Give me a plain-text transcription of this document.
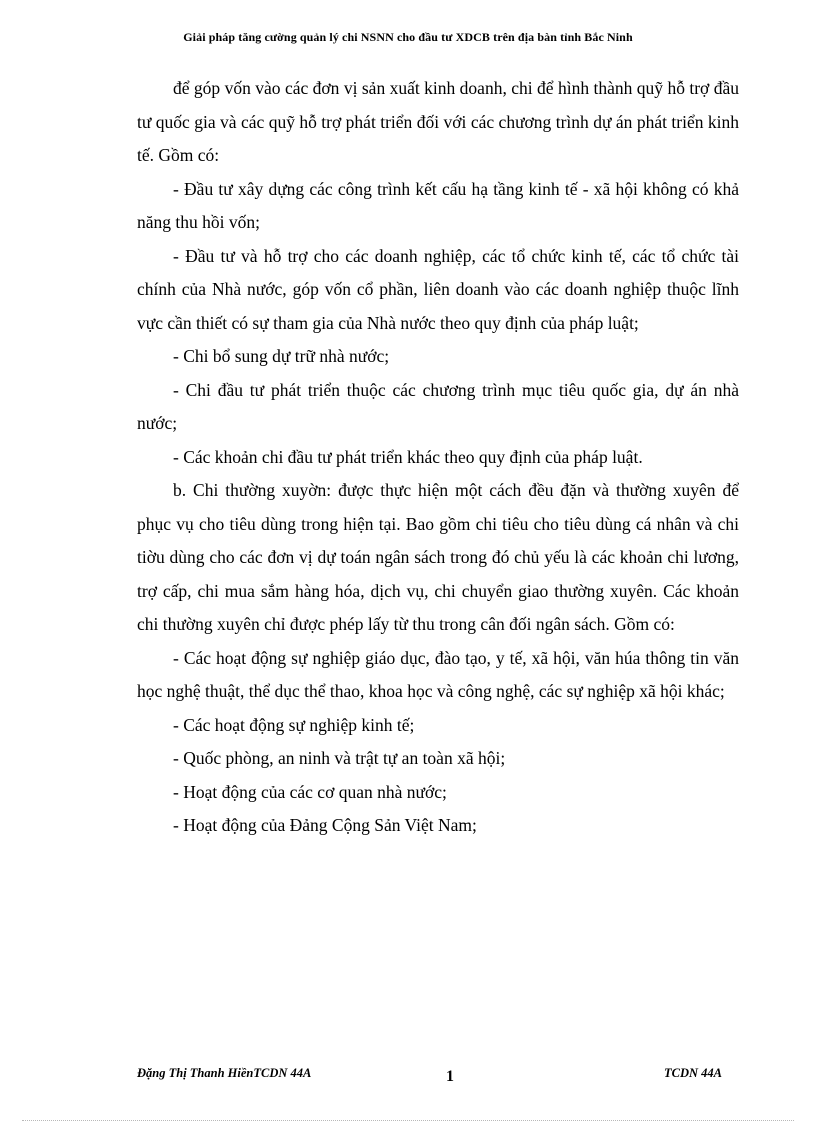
Giải pháp tăng cường quản lý chi NSNN cho đầu tư XDCB trên địa bàn tỉnh Bắc Ninh

để góp vốn vào các đơn vị sản xuất kinh doanh, chi để hình thành quỹ hỗ trợ đầu tư quốc gia và các quỹ hỗ trợ phát triển đối với các chương trình dự án phát triển kinh tế. Gồm có:

- Đầu tư xây dựng các công trình kết cấu hạ tầng kinh tế - xã hội không có khả năng thu hồi vốn;

- Đầu tư và hỗ trợ cho các doanh nghiệp, các tổ chức kinh tế, các tổ chức tài chính của Nhà nước, góp vốn cổ phần, liên doanh vào các doanh nghiệp thuộc lĩnh vực cần thiết có sự tham gia của Nhà nước theo quy định của pháp luật;

- Chi bổ sung dự trữ nhà nước;

- Chi đầu tư phát triển thuộc các chương trình mục tiêu quốc gia, dự án nhà nước;

- Các khoản chi đầu tư phát triển khác theo quy định của pháp luật.

b. Chi thường xuyờn: được thực hiện một cách đều đặn và thường xuyên để phục vụ cho tiêu dùng trong hiện tại. Bao gồm chi tiêu cho tiêu dùng cá nhân và chi tiờu dùng cho các đơn vị dự toán ngân sách trong đó chủ yếu là các khoản chi lương, trợ cấp, chi mua sắm hàng hóa, dịch vụ, chi chuyển giao thường xuyên. Các khoản chi thường xuyên chỉ được phép lấy từ thu trong cân đối ngân sách. Gồm có:

- Các hoạt động sự nghiệp giáo dục, đào tạo, y tế, xã hội, văn húa thông tin văn học nghệ thuật, thể dục thể thao, khoa học và công nghệ, các sự nghiệp xã hội khác;

- Các hoạt động sự nghiệp kinh tế;

- Quốc phòng, an ninh và trật tự an toàn xã hội;

- Hoạt động của các cơ quan nhà nước;

- Hoạt động của Đảng Cộng Sản Việt Nam;

Đặng Thị Thanh HiềnTCDN 44A	1	TCDN 44A
